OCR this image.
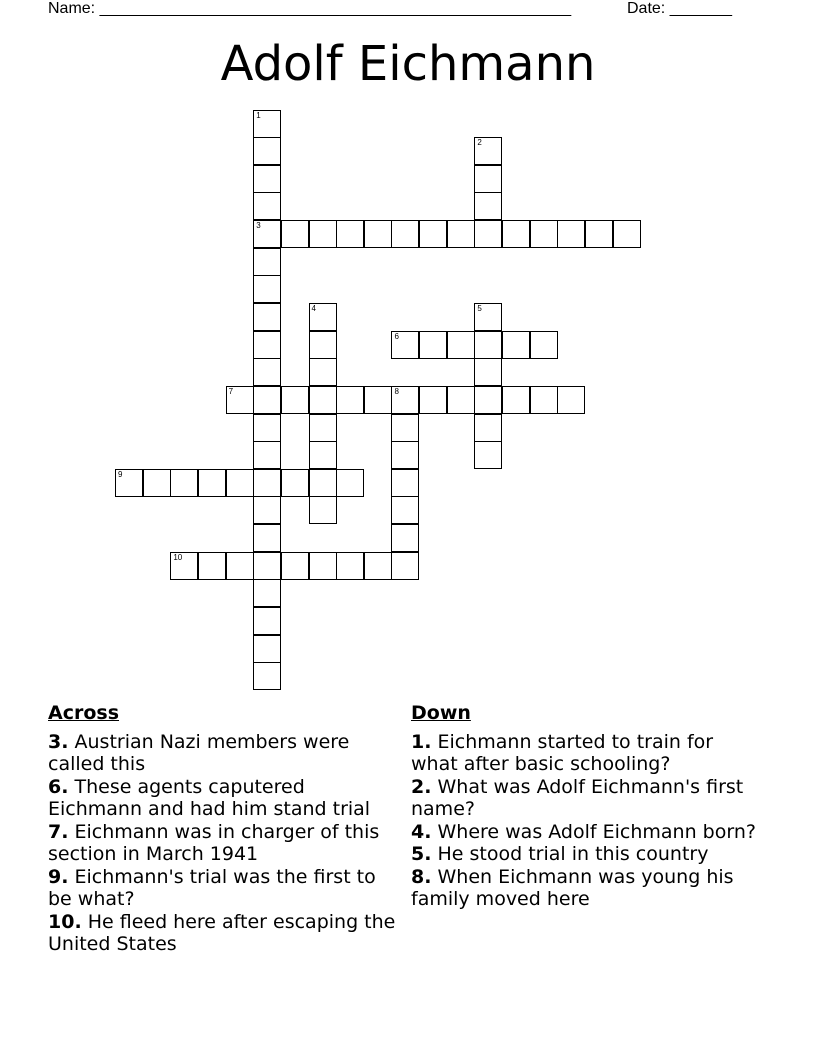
Name: _____________________________________________________	Date: _______
Adolf Eichmann
1
2
3
4	5
6
7	8
9
10
Across
3. Austrian Nazi members were called this
6. These agents caputered Eichmann and had him stand trial
7. Eichmann was in charger of this section in March 1941
9. Eichmann's trial was the first to be what?
10. He fleed here after escaping the United States
Down
1. Eichmann started to train for what after basic schooling?
2. What was Adolf Eichmann's first name?
4. Where was Adolf Eichmann born?
5. He stood trial in this country
8. When Eichmann was young his family moved here
